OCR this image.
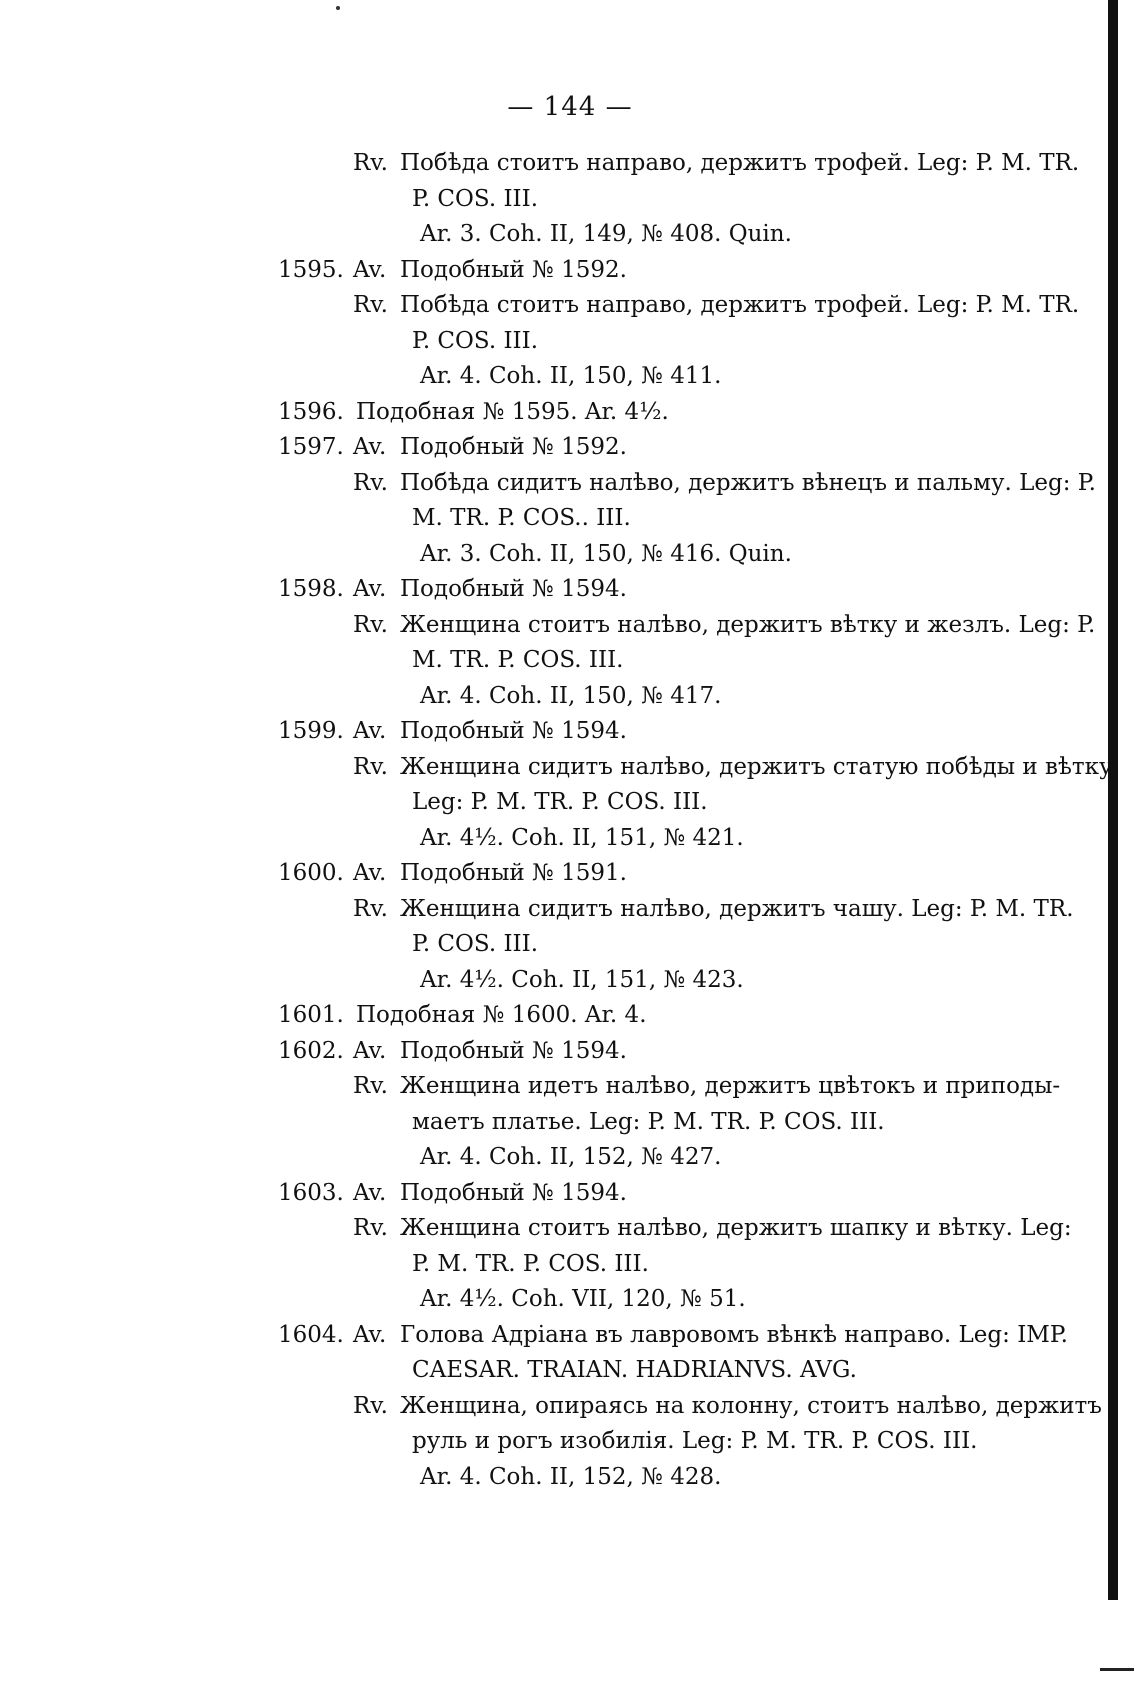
— 144 —
Rv. Побѣда стоитъ направо, держитъ трофей. Leg: P. M. TR.
P. COS. III.
Ar. 3. Coh. II, 149, № 408. Quin.
1595. Av. Подобный № 1592.
Rv. Побѣда стоитъ направо, держитъ трофей. Leg: P. M. TR.
P. COS. III.
Ar. 4. Coh. II, 150, № 411.
1596. Подобная № 1595. Ar. 4½.
1597. Av. Подобный № 1592.
Rv. Побѣда сидитъ налѣво, держитъ вѣнецъ и пальму. Leg: P.
M. TR. P. COS.. III.
Ar. 3. Coh. II, 150, № 416. Quin.
1598. Av. Подобный № 1594.
Rv. Женщина стоитъ налѣво, держитъ вѣтку и жезлъ. Leg: P.
M. TR. P. COS. III.
Ar. 4. Coh. II, 150, № 417.
1599. Av. Подобный № 1594.
Rv. Женщина сидитъ налѣво, держитъ статую побѣды и вѣтку.
Leg: P. M. TR. P. COS. III.
Ar. 4½. Coh. II, 151, № 421.
1600. Av. Подобный № 1591.
Rv. Женщина сидитъ налѣво, держитъ чашу. Leg: P. M. TR.
P. COS. III.
Ar. 4½. Coh. II, 151, № 423.
1601. Подобная № 1600. Ar. 4.
1602. Av. Подобный № 1594.
Rv. Женщина идетъ налѣво, держитъ цвѣтокъ и приподы-
маетъ платье. Leg: P. M. TR. P. COS. III.
Ar. 4. Coh. II, 152, № 427.
1603. Av. Подобный № 1594.
Rv. Женщина стоитъ налѣво, держитъ шапку и вѣтку. Leg:
P. M. TR. P. COS. III.
Ar. 4½. Coh. VII, 120, № 51.
1604. Av. Голова Адріана въ лавровомъ вѣнкѣ направо. Leg: IMP.
CAESAR. TRAIAN. HADRIANVS. AVG.
Rv. Женщина, опираясь на колонну, стоитъ налѣво, держитъ
руль и рогъ изобилія. Leg: P. M. TR. P. COS. III.
Ar. 4. Coh. II, 152, № 428.
